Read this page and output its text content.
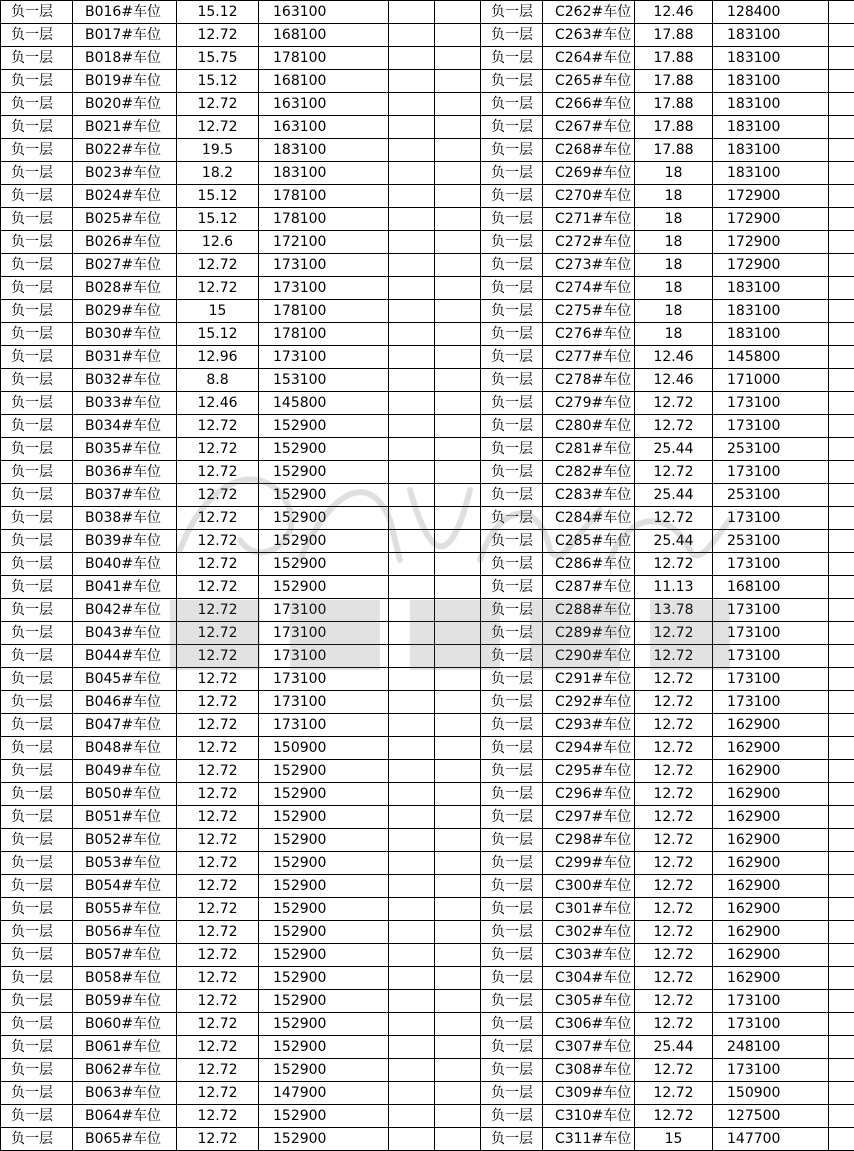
负一层	B016#车位	15.12	163100			负一层	C262#车位	12.46	128400		
负一层	B017#车位	12.72	168100			负一层	C263#车位	17.88	183100		
负一层	B018#车位	15.75	178100			负一层	C264#车位	17.88	183100		
负一层	B019#车位	15.12	168100			负一层	C265#车位	17.88	183100		
负一层	B020#车位	12.72	163100			负一层	C266#车位	17.88	183100		
负一层	B021#车位	12.72	163100			负一层	C267#车位	17.88	183100		
负一层	B022#车位	19.5	183100			负一层	C268#车位	17.88	183100		
负一层	B023#车位	18.2	183100			负一层	C269#车位	18	183100		
负一层	B024#车位	15.12	178100			负一层	C270#车位	18	172900		
负一层	B025#车位	15.12	178100			负一层	C271#车位	18	172900		
负一层	B026#车位	12.6	172100			负一层	C272#车位	18	172900		
负一层	B027#车位	12.72	173100			负一层	C273#车位	18	172900		
负一层	B028#车位	12.72	173100			负一层	C274#车位	18	183100		
负一层	B029#车位	15	178100			负一层	C275#车位	18	183100		
负一层	B030#车位	15.12	178100			负一层	C276#车位	18	183100		
负一层	B031#车位	12.96	173100			负一层	C277#车位	12.46	145800		
负一层	B032#车位	8.8	153100			负一层	C278#车位	12.46	171000		
负一层	B033#车位	12.46	145800			负一层	C279#车位	12.72	173100		
负一层	B034#车位	12.72	152900			负一层	C280#车位	12.72	173100		
负一层	B035#车位	12.72	152900			负一层	C281#车位	25.44	253100		
负一层	B036#车位	12.72	152900			负一层	C282#车位	12.72	173100		
负一层	B037#车位	12.72	152900			负一层	C283#车位	25.44	253100		
负一层	B038#车位	12.72	152900			负一层	C284#车位	12.72	173100		
负一层	B039#车位	12.72	152900			负一层	C285#车位	25.44	253100		
负一层	B040#车位	12.72	152900			负一层	C286#车位	12.72	173100		
负一层	B041#车位	12.72	152900			负一层	C287#车位	11.13	168100		
负一层	B042#车位	12.72	173100			负一层	C288#车位	13.78	173100		
负一层	B043#车位	12.72	173100			负一层	C289#车位	12.72	173100		
负一层	B044#车位	12.72	173100			负一层	C290#车位	12.72	173100		
负一层	B045#车位	12.72	173100			负一层	C291#车位	12.72	173100		
负一层	B046#车位	12.72	173100			负一层	C292#车位	12.72	173100		
负一层	B047#车位	12.72	173100			负一层	C293#车位	12.72	162900		
负一层	B048#车位	12.72	150900			负一层	C294#车位	12.72	162900		
负一层	B049#车位	12.72	152900			负一层	C295#车位	12.72	162900		
负一层	B050#车位	12.72	152900			负一层	C296#车位	12.72	162900		
负一层	B051#车位	12.72	152900			负一层	C297#车位	12.72	162900		
负一层	B052#车位	12.72	152900			负一层	C298#车位	12.72	162900		
负一层	B053#车位	12.72	152900			负一层	C299#车位	12.72	162900		
负一层	B054#车位	12.72	152900			负一层	C300#车位	12.72	162900		
负一层	B055#车位	12.72	152900			负一层	C301#车位	12.72	162900		
负一层	B056#车位	12.72	152900			负一层	C302#车位	12.72	162900		
负一层	B057#车位	12.72	152900			负一层	C303#车位	12.72	162900		
负一层	B058#车位	12.72	152900			负一层	C304#车位	12.72	162900		
负一层	B059#车位	12.72	152900			负一层	C305#车位	12.72	173100		
负一层	B060#车位	12.72	152900			负一层	C306#车位	12.72	173100		
负一层	B061#车位	12.72	152900			负一层	C307#车位	25.44	248100		
负一层	B062#车位	12.72	152900			负一层	C308#车位	12.72	173100		
负一层	B063#车位	12.72	147900			负一层	C309#车位	12.72	150900		
负一层	B064#车位	12.72	152900			负一层	C310#车位	12.72	127500		
负一层	B065#车位	12.72	152900			负一层	C311#车位	15	147700		
